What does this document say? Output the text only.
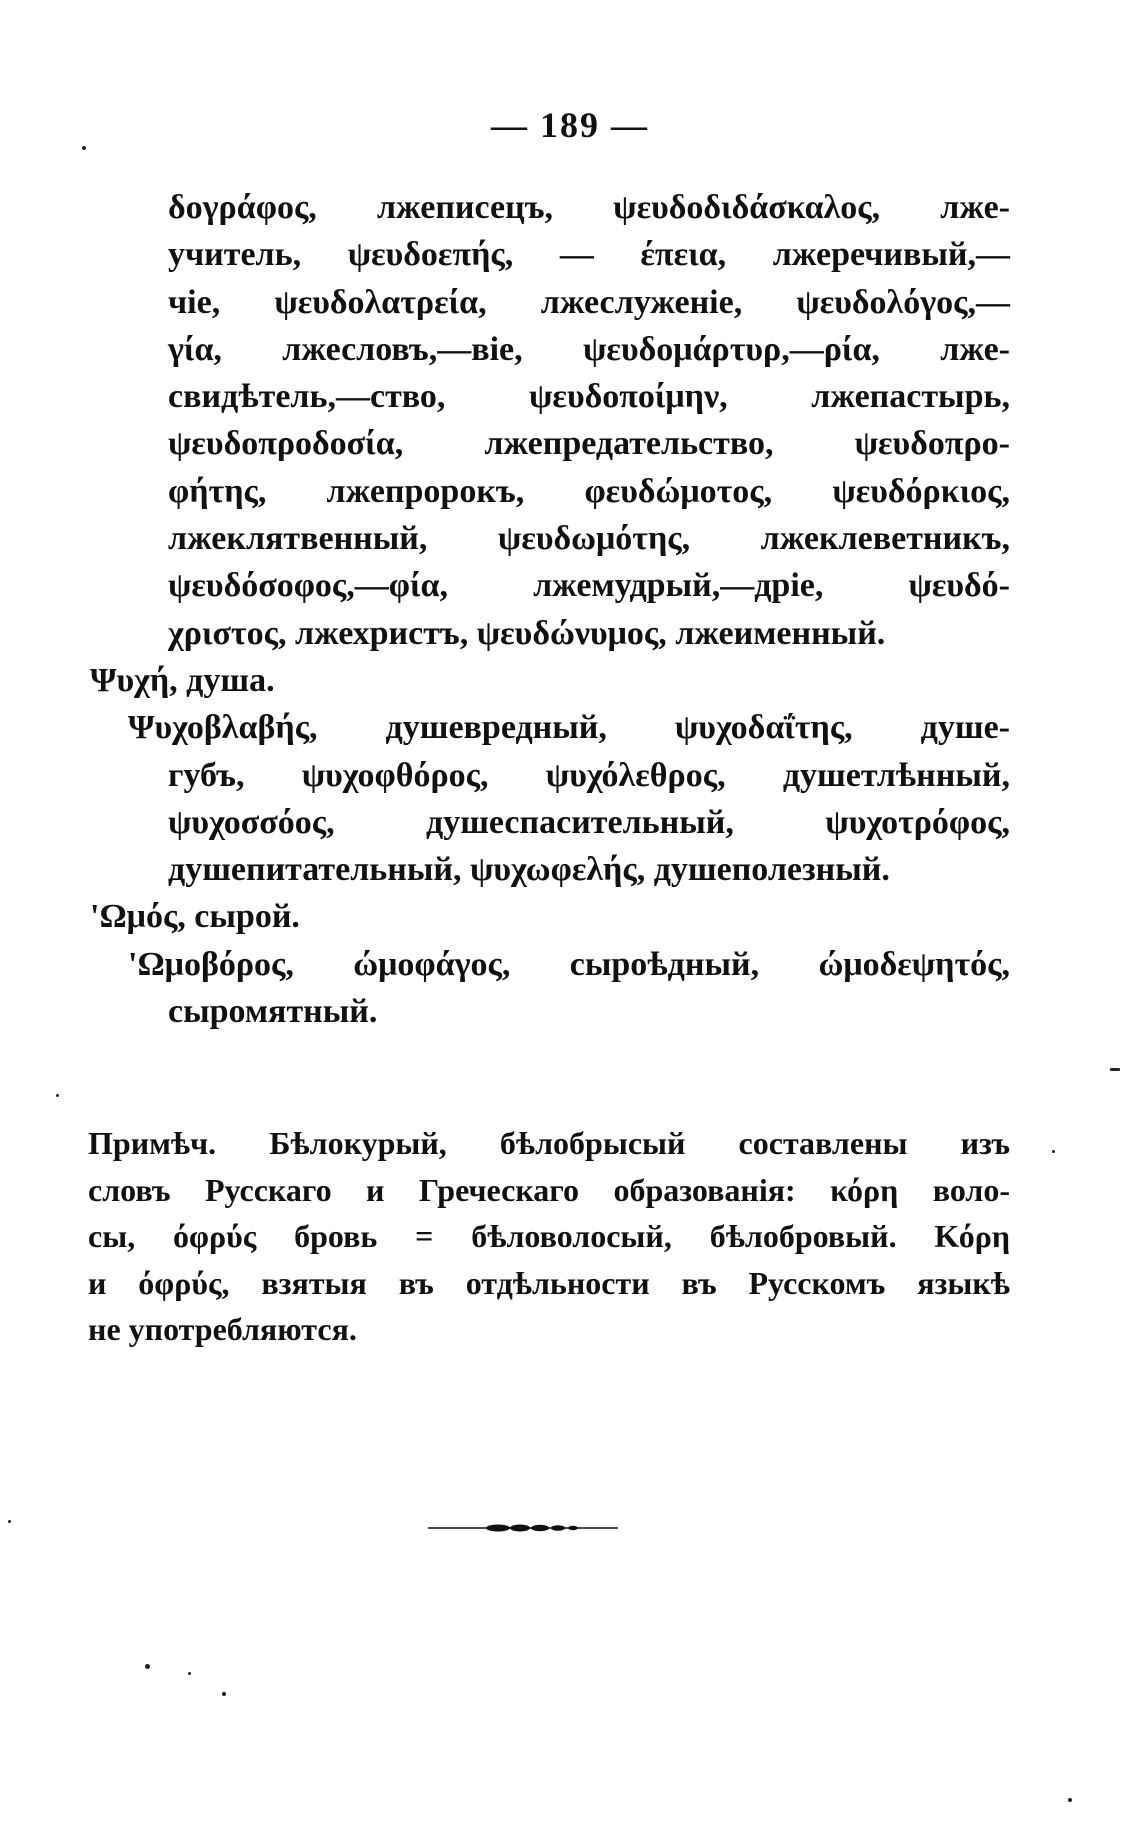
— 189 —
δογράφος, лжеписецъ, ψευδοδιδάσκαλος, лже-
учитель, ψευδοεπής, — έπεια, лжеречивый,—
чіе, ψευδολατρεία, лжеслуженіе, ψευδολόγος,—
γία, лжесловъ,—віе, ψευδομάρτυρ,—ρία, лже-
свидѣтель,—ство, ψευδοποίμην, лжепастырь,
ψευδοπροδοσία, лжепредательство, ψευδοπρο-
φήτης, лжепророкъ, φευδώμοτος, ψευδόρκιος,
лжеклятвенный, ψευδωμότης, лжеклеветникъ,
ψευδόσοφος,—φία, лжемудрый,—дріе, ψευδό-
χριστος, лжехристъ, ψευδώνυμος, лжеименный.
Ψυχή, душа.
Ψυχοβλαβής, душевредный, ψυχοδαΐτης, душе-
губъ, ψυχοφθόρος, ψυχόλεθρος, душетлѣнный,
ψυχοσσόος, душеспасительный, ψυχοτρόφος,
душепитательный, ψυχωφελής, душеполезный.
'Ωμός, сырой.
'Ωμοβόρος, ώμοφάγος, сыроѣдный, ώμοδεψητός,
сыромятный.
Примѣч. Бѣлокурый, бѣлобрысый составлены изъ
словъ Русскаго и Греческаго образованія: κόρη воло-
сы, όφρύς бровь = бѣловолосый, бѣлобровый. Κόρη
и όφρύς, взятыя въ отдѣльности въ Русскомъ языкѣ
не употребляются.
